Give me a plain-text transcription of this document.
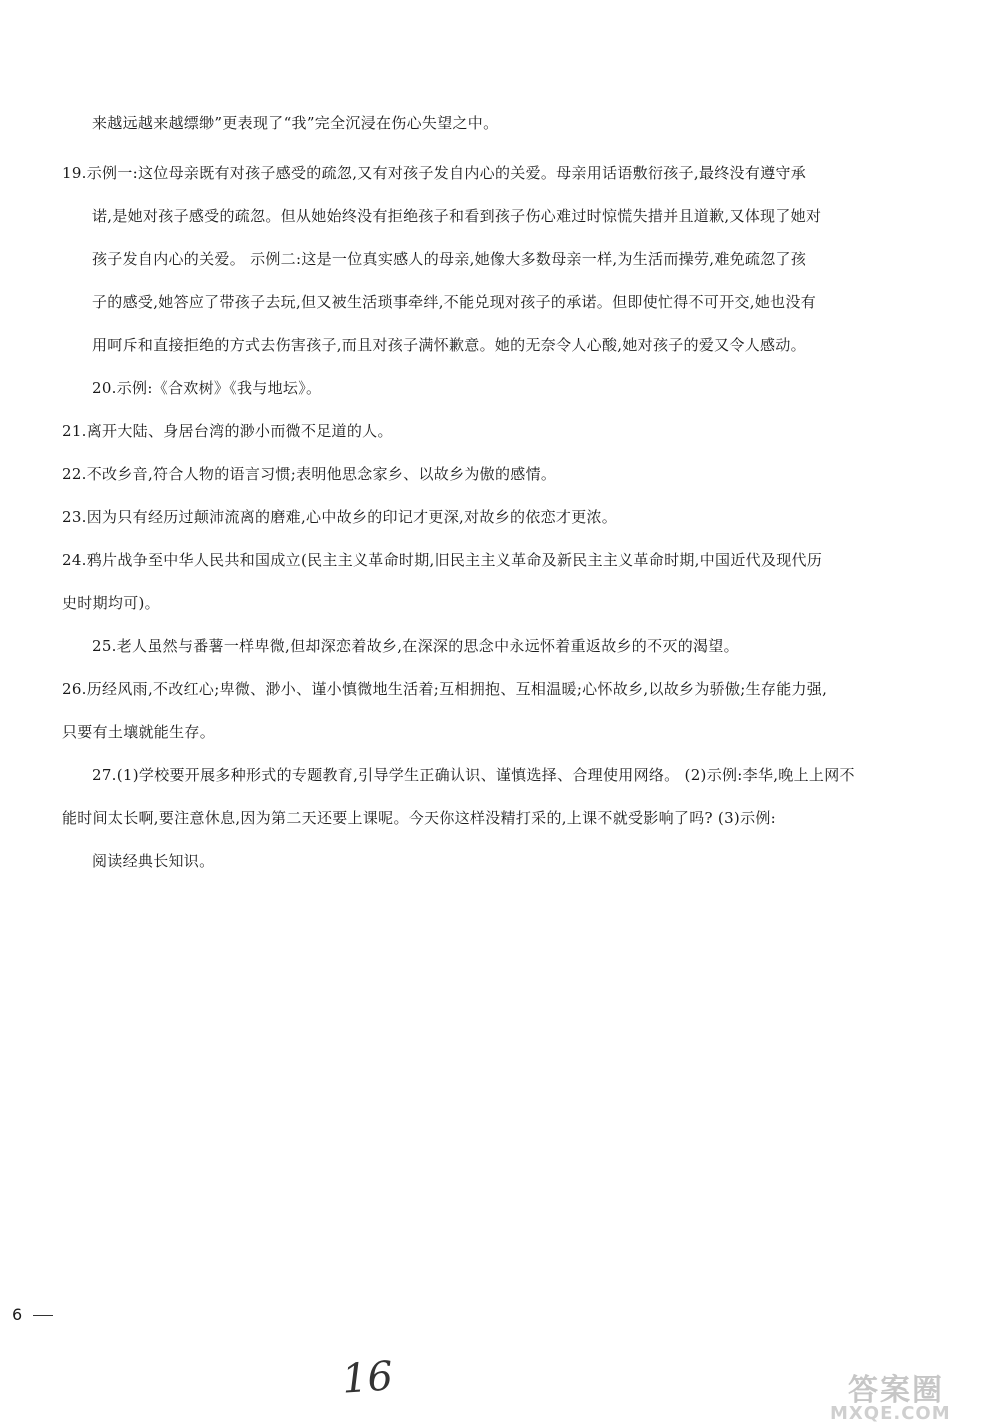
来越远越来越缥缈”更表现了“我”完全沉浸在伤心失望之中。
19.示例一:这位母亲既有对孩子感受的疏忽,又有对孩子发自内心的关爱。母亲用话语敷衍孩子,最终没有遵守承
诺,是她对孩子感受的疏忽。但从她始终没有拒绝孩子和看到孩子伤心难过时惊慌失措并且道歉,又体现了她对
孩子发自内心的关爱。 示例二:这是一位真实感人的母亲,她像大多数母亲一样,为生活而操劳,难免疏忽了孩
子的感受,她答应了带孩子去玩,但又被生活琐事牵绊,不能兑现对孩子的承诺。但即使忙得不可开交,她也没有
用呵斥和直接拒绝的方式去伤害孩子,而且对孩子满怀歉意。她的无奈令人心酸,她对孩子的爱又令人感动。
20.示例:《合欢树》《我与地坛》。
21.离开大陆、身居台湾的渺小而微不足道的人。
22.不改乡音,符合人物的语言习惯;表明他思念家乡、以故乡为傲的感情。
23.因为只有经历过颠沛流离的磨难,心中故乡的印记才更深,对故乡的依恋才更浓。
24.鸦片战争至中华人民共和国成立(民主主义革命时期,旧民主主义革命及新民主主义革命时期,中国近代及现代历
史时期均可)。
25.老人虽然与番薯一样卑微,但却深恋着故乡,在深深的思念中永远怀着重返故乡的不灭的渴望。
26.历经风雨,不改红心;卑微、渺小、谨小慎微地生活着;互相拥抱、互相温暖;心怀故乡,以故乡为骄傲;生存能力强,
只要有土壤就能生存。
27.(1)学校要开展多种形式的专题教育,引导学生正确认识、谨慎选择、合理使用网络。 (2)示例:李华,晚上上网不
能时间太长啊,要注意休息,因为第二天还要上课呢。今天你这样没精打采的,上课不就受影响了吗? (3)示例:
阅读经典长知识。
6
16	答案圈
MXQE.COM
